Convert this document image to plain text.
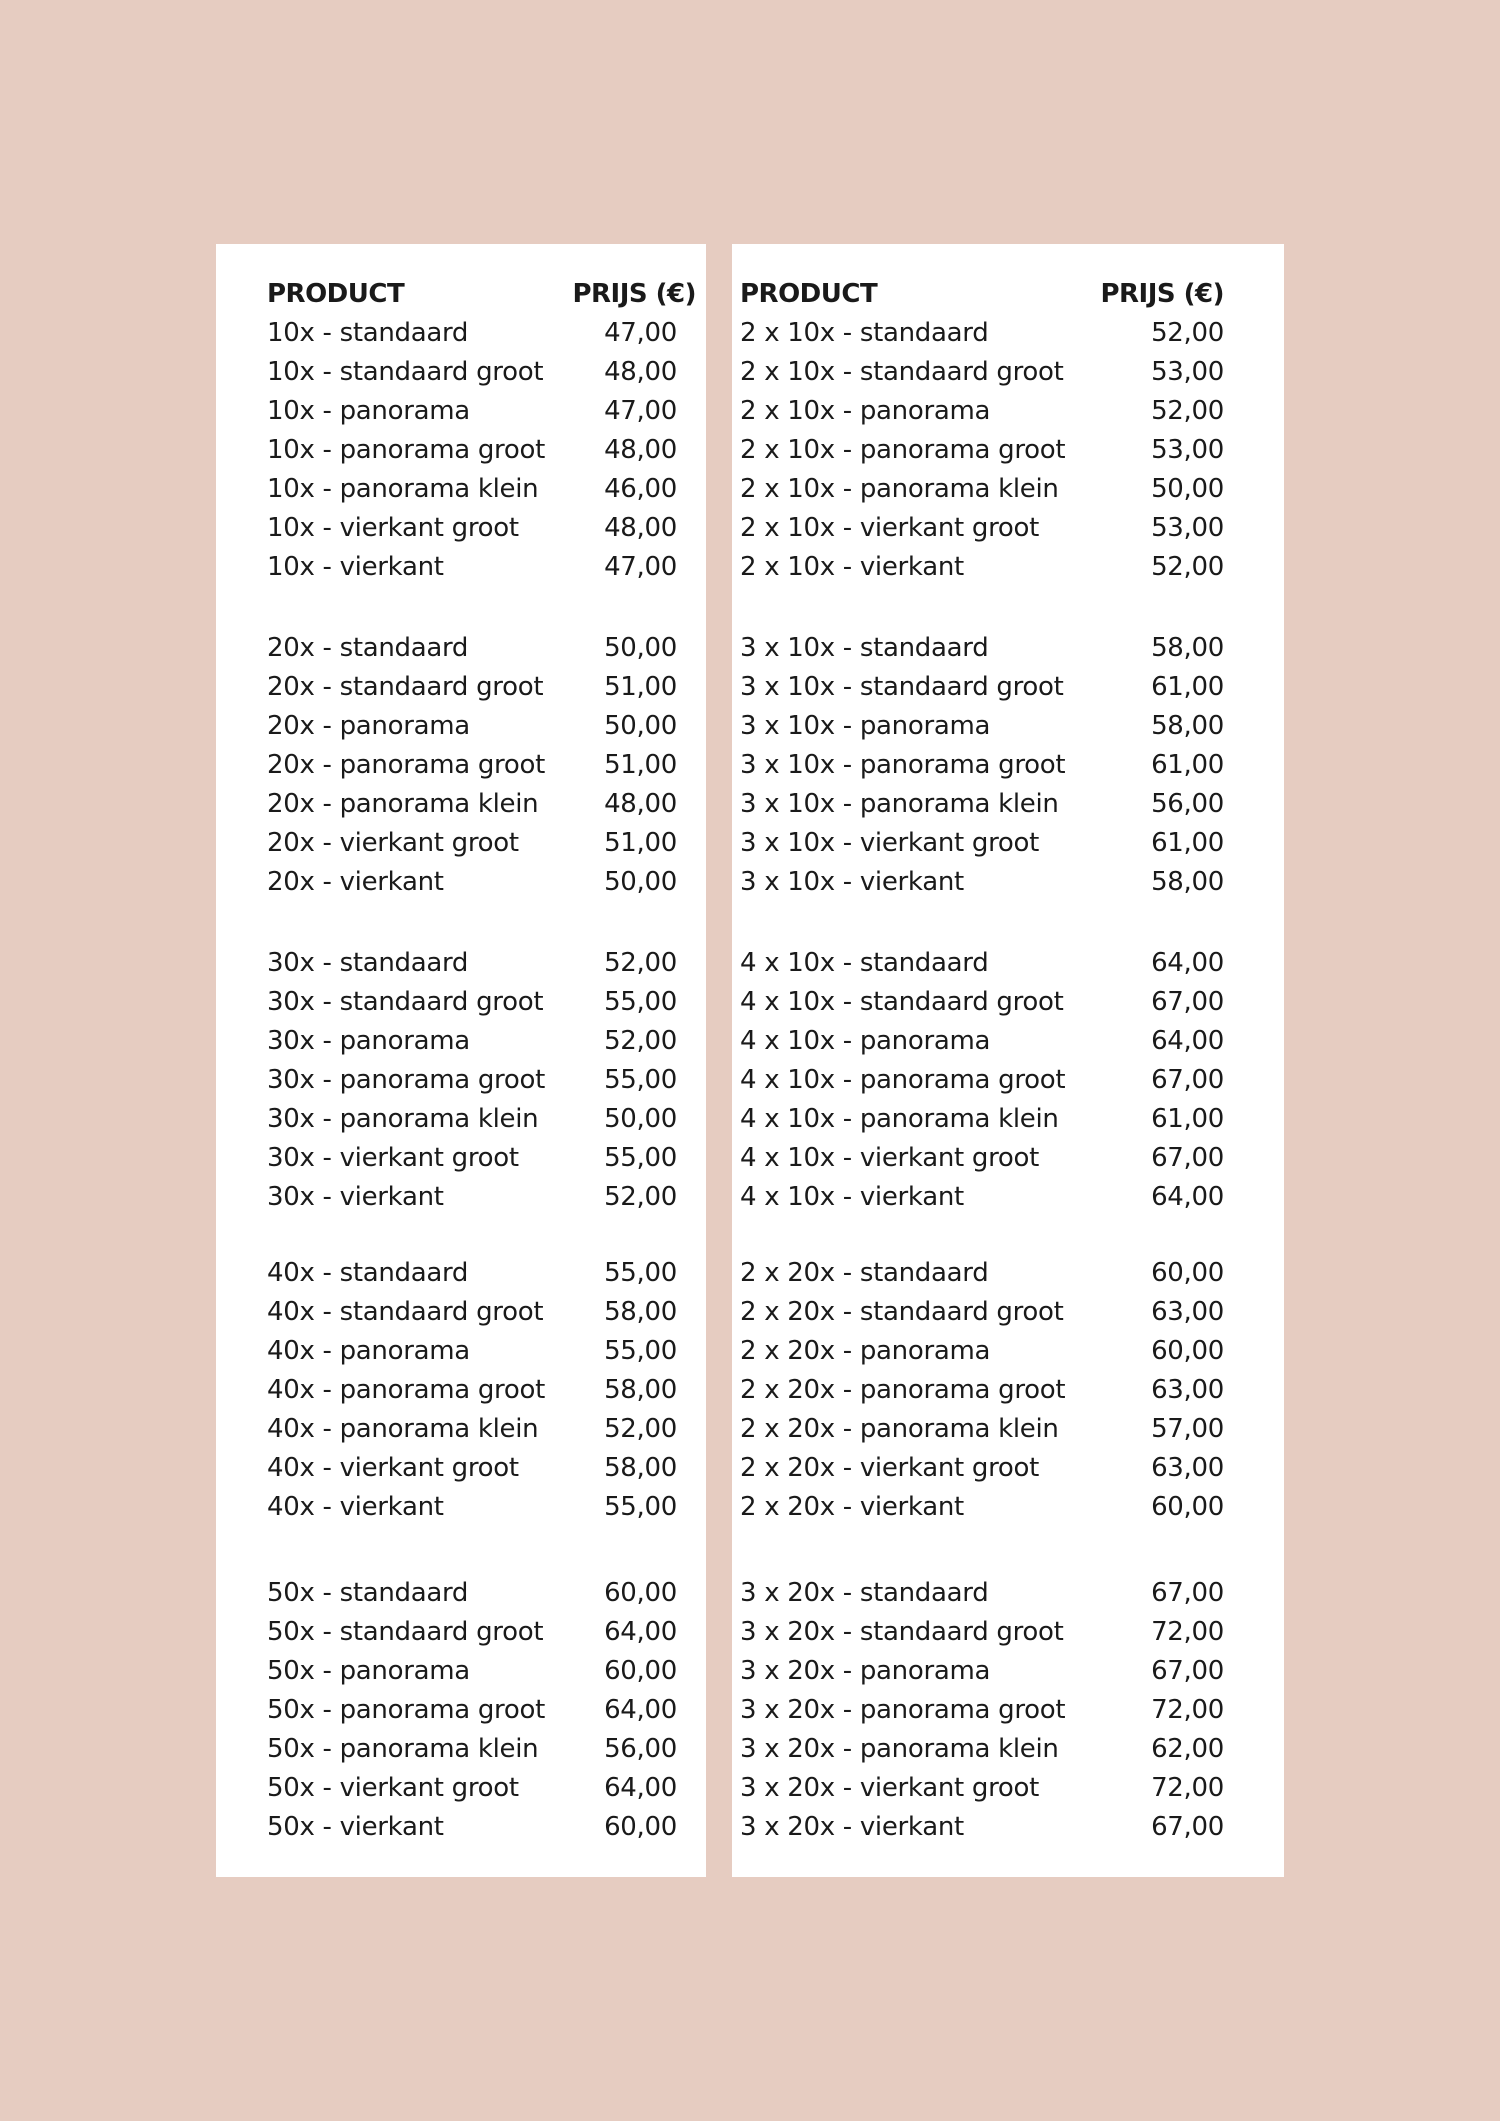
PRODUCT	PRIJS (€) PRODUCT	PRIJS (€)
10x - standaard	47,00
10x - standaard groot	48,00
10x - panorama	47,00
10x - panorama groot	48,00
10x - panorama klein	46,00
10x - vierkant groot	48,00
10x - vierkant	47,00
20x - standaard	50,00
20x - standaard groot	51,00
20x - panorama	50,00
20x - panorama groot	51,00
20x - panorama klein	48,00
20x - vierkant groot	51,00
20x - vierkant	50,00
30x - standaard	52,00
30x - standaard groot	55,00
30x - panorama	52,00
30x - panorama groot	55,00
30x - panorama klein	50,00
30x - vierkant groot	55,00
30x - vierkant	52,00
40x - standaard	55,00
40x - standaard groot	58,00
40x - panorama	55,00
40x - panorama groot	58,00
40x - panorama klein	52,00
40x - vierkant groot	58,00
40x - vierkant	55,00
50x - standaard	60,00
50x - standaard groot	64,00
50x - panorama	60,00
50x - panorama groot	64,00
50x - panorama klein	56,00
50x - vierkant groot	64,00
50x - vierkant	60,00
2 x 10x - standaard	52,00
2 x 10x - standaard groot	53,00
2 x 10x - panorama	52,00
2 x 10x - panorama groot	53,00
2 x 10x - panorama klein	50,00
2 x 10x - vierkant groot	53,00
2 x 10x - vierkant	52,00
3 x 10x - standaard	58,00
3 x 10x - standaard groot	61,00
3 x 10x - panorama	58,00
3 x 10x - panorama groot	61,00
3 x 10x - panorama klein	56,00
3 x 10x - vierkant groot	61,00
3 x 10x - vierkant	58,00
4 x 10x - standaard	64,00
4 x 10x - standaard groot	67,00
4 x 10x - panorama	64,00
4 x 10x - panorama groot	67,00
4 x 10x - panorama klein	61,00
4 x 10x - vierkant groot	67,00
4 x 10x - vierkant	64,00
2 x 20x - standaard	60,00
2 x 20x - standaard groot	63,00
2 x 20x - panorama	60,00
2 x 20x - panorama groot	63,00
2 x 20x - panorama klein	57,00
2 x 20x - vierkant groot	63,00
2 x 20x - vierkant	60,00
3 x 20x - standaard	67,00
3 x 20x - standaard groot	72,00
3 x 20x - panorama	67,00
3 x 20x - panorama groot	72,00
3 x 20x - panorama klein	62,00
3 x 20x - vierkant groot	72,00
3 x 20x - vierkant	67,00
